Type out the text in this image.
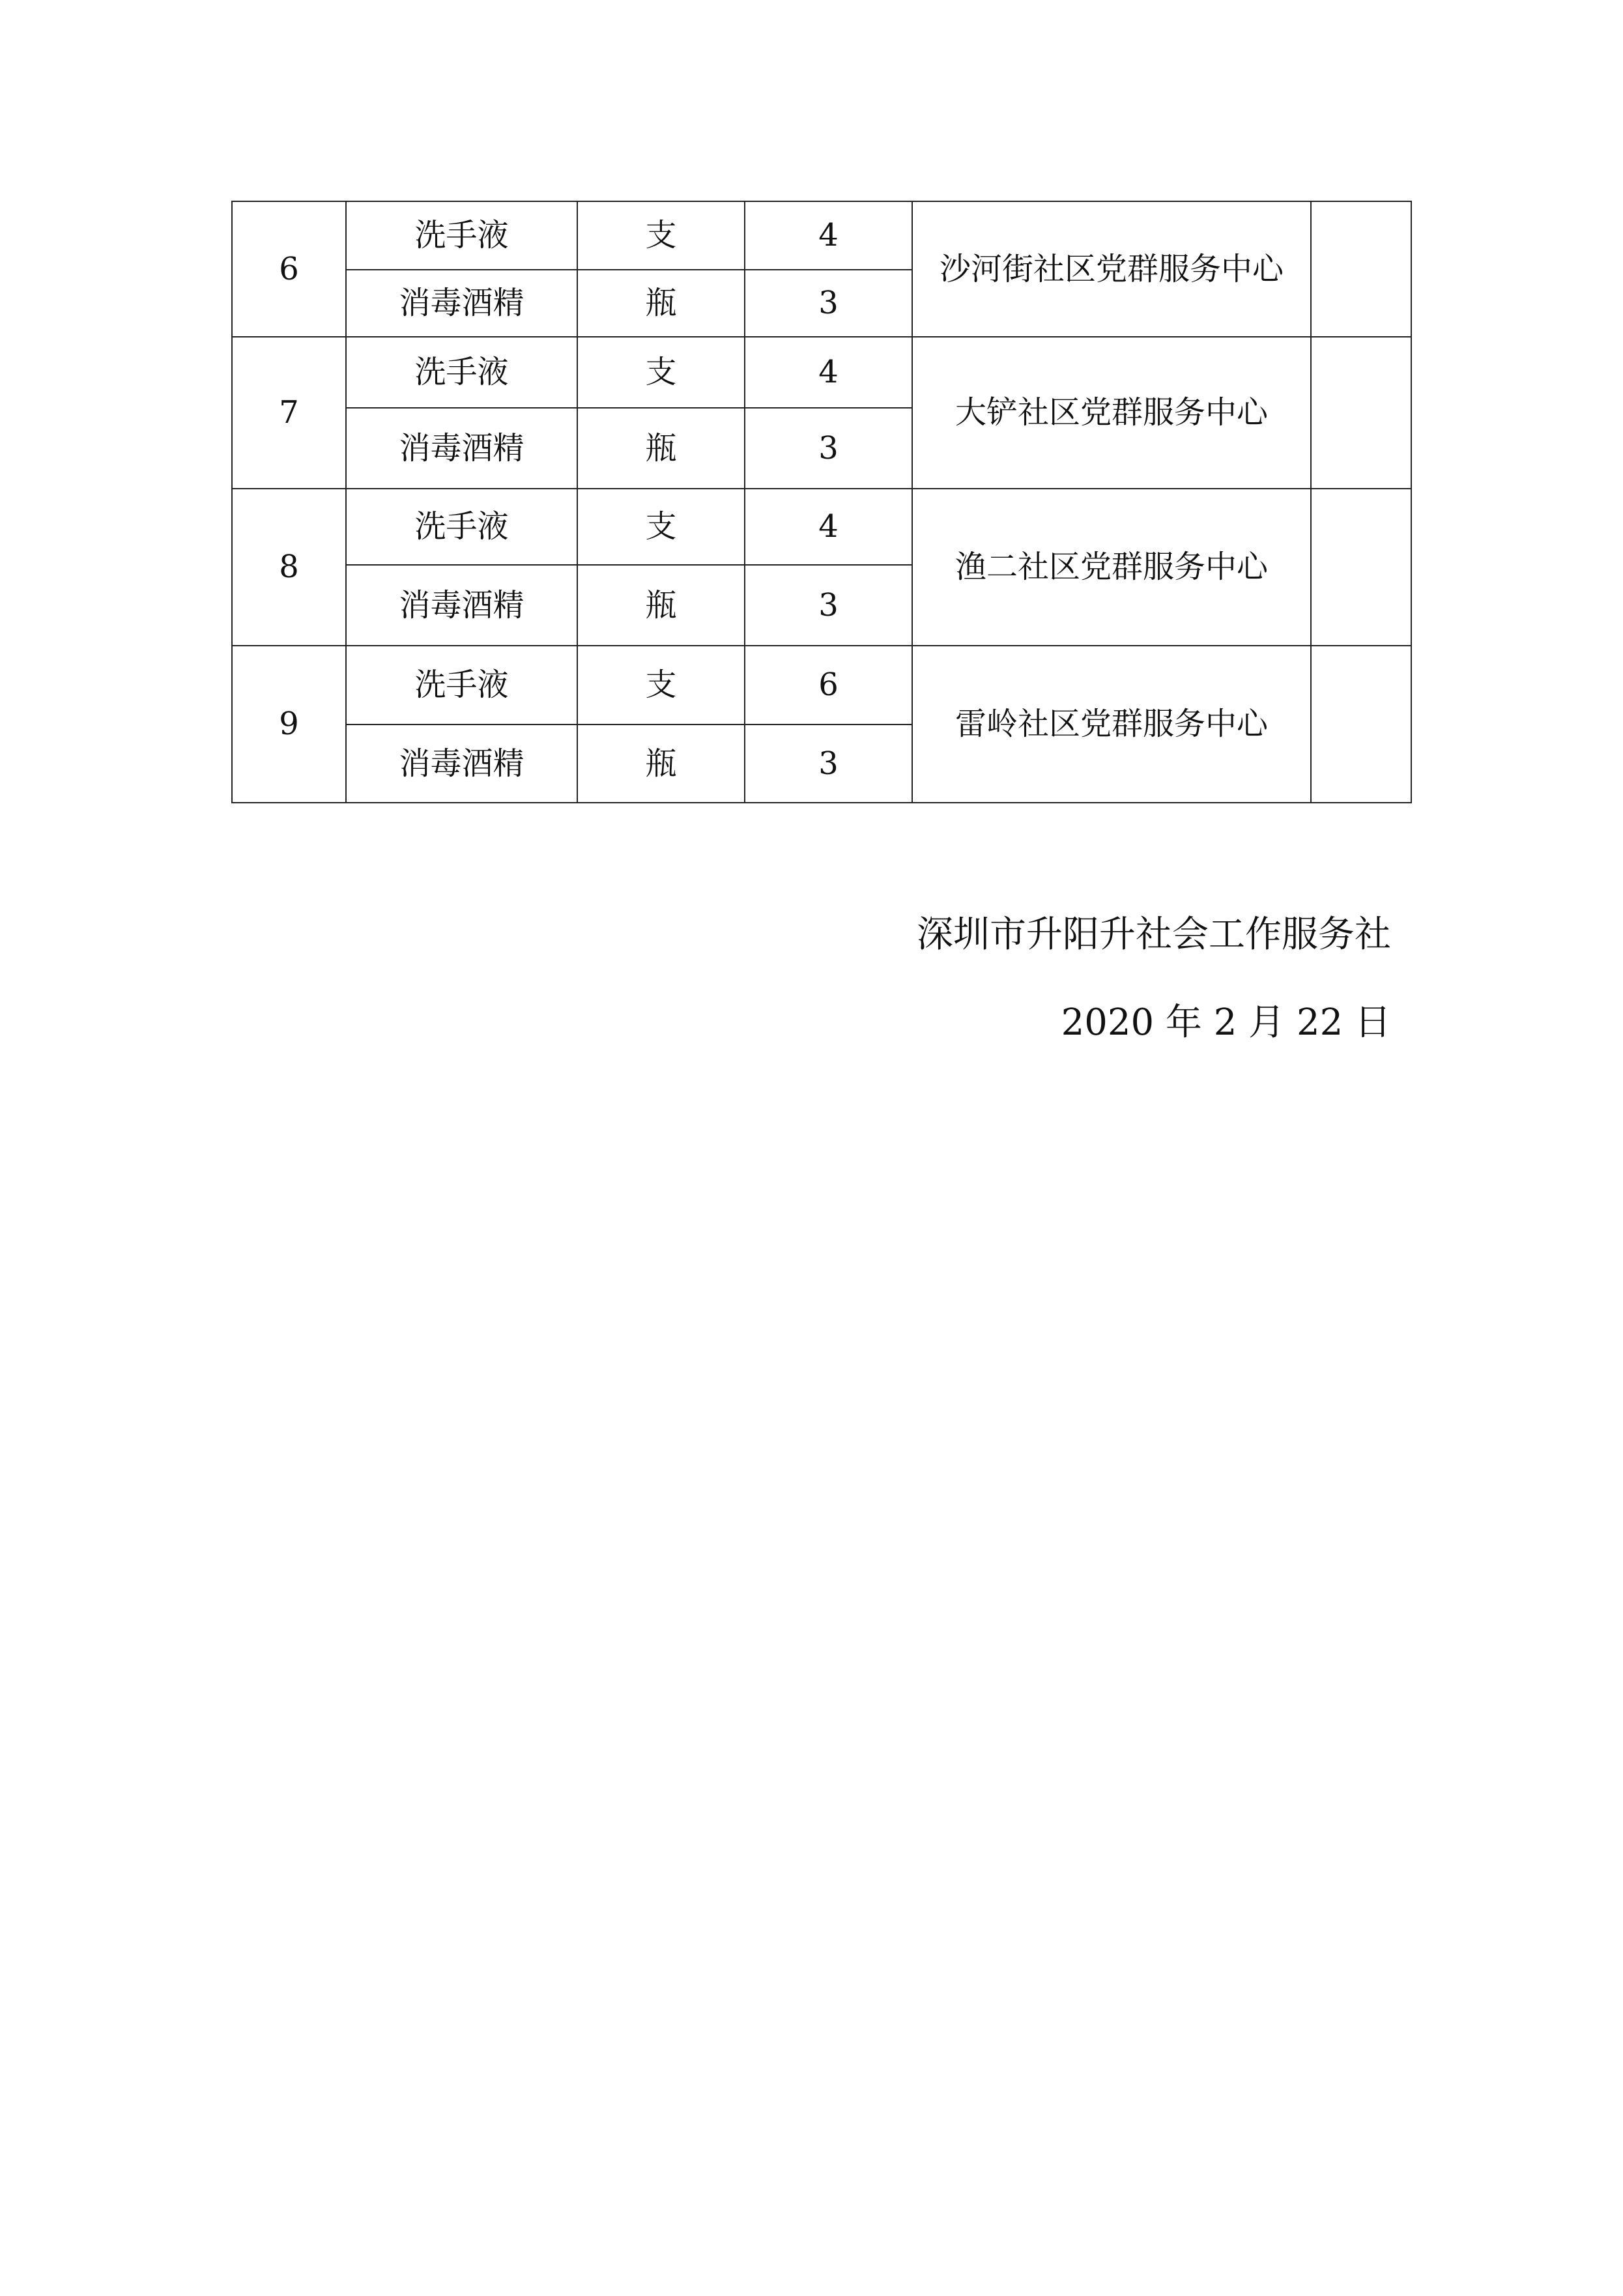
6	洗手液	支	4	沙河街社区党群服务中心	
	消毒酒精	瓶	3		
7	洗手液	支	4	大铲社区党群服务中心	
	消毒酒精	瓶	3		
8	洗手液	支	4	渔二社区党群服务中心	
	消毒酒精	瓶	3		
9	洗手液	支	6	雷岭社区党群服务中心	
	消毒酒精	瓶	3		
深圳市升阳升社会工作服务社
2020 年 2 月 22 日
